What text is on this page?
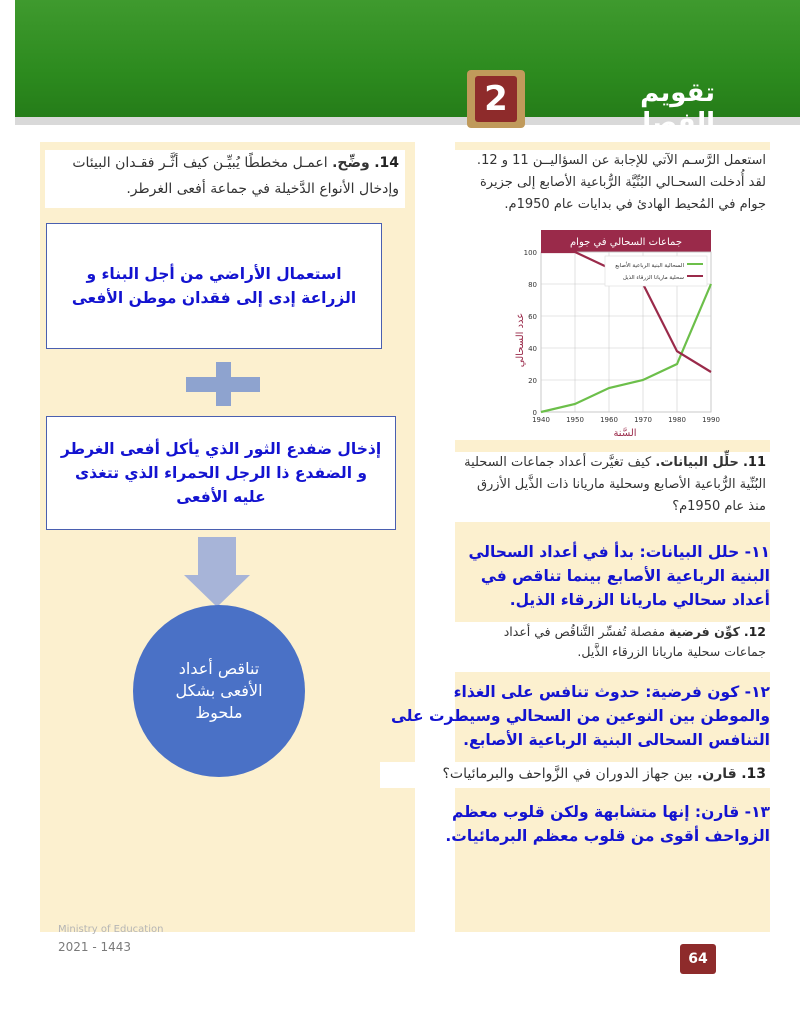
تقويم الفصل
2
14. وضِّح. اعمـل مخططًا يُبيِّـن كيف أثَّـر فقـدان البيئات وإدخال الأنواع الدَّخيلة في جماعة أفعى الغرطر.
استعمال الأراضي من أجل البناء و الزراعة إدى إلى فقدان موطن الأفعى
إذخال ضفدع الثور الذي يأكل أفعى الغرطر و الضفدع ذا الرجل الحمراء الذي تتغذى عليه الأفعى
تناقص أعداد الأفعى بشكل ملحوظ
استعمل الرَّسـم الآتي للإجابة عن السؤاليــن 11 و 12. لقد أُدخلت السحـالي البُنِّيَّة الرُّباعية الأصابع إلى جزيرة جوام في المُحيط الهادئ في بدايات عام 1950م.
جماعات السحالي في جوام
عدد السحالي
السَّنة
1940 1950 1960 1970 1980 1990
0
20
40
60
80
100
السحالية البنية الرباعية الأصابع
سحلية ماريانا الزرقاء الذيل
11. حلِّل البيانات. كيف تغيَّرت أعداد جماعات السحلية البُنِّية الرُّباعية الأصابع وسحلية ماريانا ذات الذَّيل الأزرق منذ عام 1950م؟
١١- حلل البيانات: بدأ في أعداد السحالي البنية الرباعية الأصابع بينما تناقص في أعداد سحالي ماريانا الزرقاء الذيل.
12. كوِّن فرضية مفصلة تُفسِّر التَّناقُص في أعداد جماعات سحلية ماريانا الزرقاء الذَّيل.
١٢- كون فرضية: حدوث تنافس على الغذاء والموطن بين النوعين من السحالي وسيطرت على التنافس السحالى البنية الرباعية الأصابع.
13. قارن. بين جهاز الدوران في الزَّواحف والبرمائيات؟
١٣- قارن: إنها متشابهة ولكن قلوب معظم الزواحف أقوى من قلوب معظم البرمائيات.
Ministry of Education
2021 - 1443
64
